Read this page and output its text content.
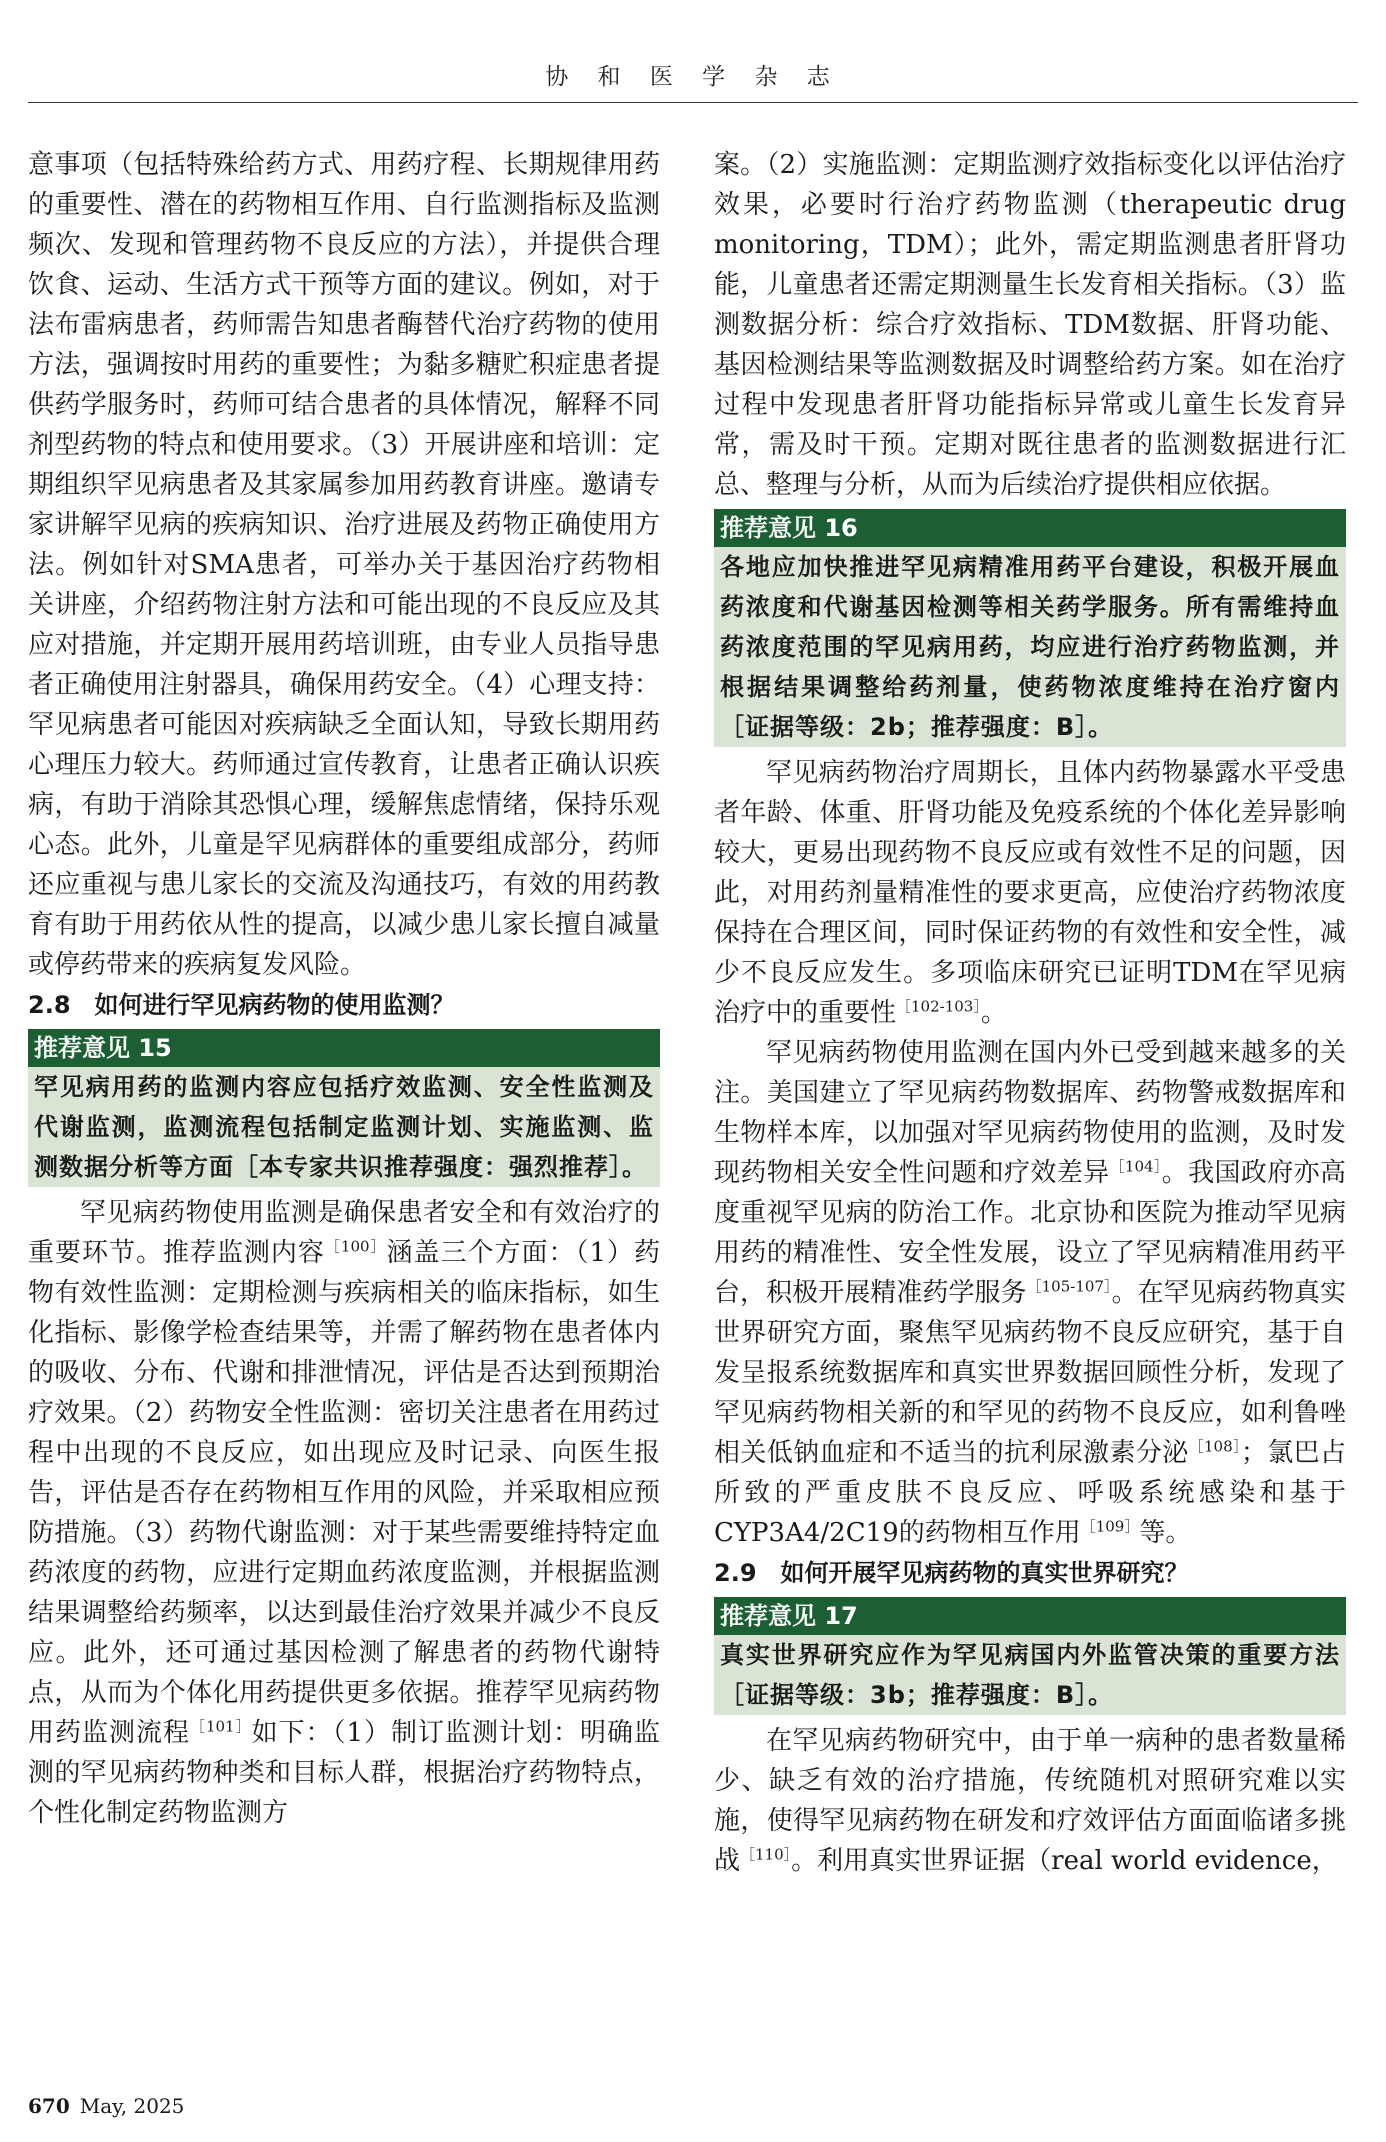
协 和 医 学 杂 志

意事项（包括特殊给药方式、用药疗程、长期规律用药的重要性、潜在的药物相互作用、自行监测指标及监测频次、发现和管理药物不良反应的方法），并提供合理饮食、运动、生活方式干预等方面的建议。例如，对于法布雷病患者，药师需告知患者酶替代治疗药物的使用方法，强调按时用药的重要性；为黏多糖贮积症患者提供药学服务时，药师可结合患者的具体情况，解释不同剂型药物的特点和使用要求。（3）开展讲座和培训：定期组织罕见病患者及其家属参加用药教育讲座。邀请专家讲解罕见病的疾病知识、治疗进展及药物正确使用方法。例如针对SMA患者，可举办关于基因治疗药物相关讲座，介绍药物注射方法和可能出现的不良反应及其应对措施，并定期开展用药培训班，由专业人员指导患者正确使用注射器具，确保用药安全。（4）心理支持：罕见病患者可能因对疾病缺乏全面认知，导致长期用药心理压力较大。药师通过宣传教育，让患者正确认识疾病，有助于消除其恐惧心理，缓解焦虑情绪，保持乐观心态。此外，儿童是罕见病群体的重要组成部分，药师还应重视与患儿家长的交流及沟通技巧，有效的用药教育有助于用药依从性的提高，以减少患儿家长擅自减量或停药带来的疾病复发风险。

2.8　如何进行罕见病药物的使用监测？

推荐意见 15
罕见病用药的监测内容应包括疗效监测、安全性监测及代谢监测，监测流程包括制定监测计划、实施监测、监测数据分析等方面［本专家共识推荐强度：强烈推荐］。

罕见病药物使用监测是确保患者安全和有效治疗的重要环节。推荐监测内容$^{[100]}$涵盖三个方面：（1）药物有效性监测：定期检测与疾病相关的临床指标，如生化指标、影像学检查结果等，并需了解药物在患者体内的吸收、分布、代谢和排泄情况，评估是否达到预期治疗效果。（2）药物安全性监测：密切关注患者在用药过程中出现的不良反应，如出现应及时记录、向医生报告，评估是否存在药物相互作用的风险，并采取相应预防措施。（3）药物代谢监测：对于某些需要维持特定血药浓度的药物，应进行定期血药浓度监测，并根据监测结果调整给药频率，以达到最佳治疗效果并减少不良反应。此外，还可通过基因检测了解患者的药物代谢特点，从而为个体化用药提供更多依据。推荐罕见病药物用药监测流程$^{[101]}$如下：（1）制订监测计划：明确监测的罕见病药物种类和目标人群，根据治疗药物特点，个性化制定药物监测方

案。（2）实施监测：定期监测疗效指标变化以评估治疗效果，必要时行治疗药物监测（therapeutic drug monitoring，TDM）；此外，需定期监测患者肝肾功能，儿童患者还需定期测量生长发育相关指标。（3）监测数据分析：综合疗效指标、TDM数据、肝肾功能、基因检测结果等监测数据及时调整给药方案。如在治疗过程中发现患者肝肾功能指标异常或儿童生长发育异常，需及时干预。定期对既往患者的监测数据进行汇总、整理与分析，从而为后续治疗提供相应依据。

推荐意见 16
各地应加快推进罕见病精准用药平台建设，积极开展血药浓度和代谢基因检测等相关药学服务。所有需维持血药浓度范围的罕见病用药，均应进行治疗药物监测，并根据结果调整给药剂量，使药物浓度维持在治疗窗内［证据等级：2b；推荐强度：B］。

罕见病药物治疗周期长，且体内药物暴露水平受患者年龄、体重、肝肾功能及免疫系统的个体化差异影响较大，更易出现药物不良反应或有效性不足的问题，因此，对用药剂量精准性的要求更高，应使治疗药物浓度保持在合理区间，同时保证药物的有效性和安全性，减少不良反应发生。多项临床研究已证明TDM在罕见病治疗中的重要性$^{[102-103]}$。

罕见病药物使用监测在国内外已受到越来越多的关注。美国建立了罕见病药物数据库、药物警戒数据库和生物样本库，以加强对罕见病药物使用的监测，及时发现药物相关安全性问题和疗效差异$^{[104]}$。我国政府亦高度重视罕见病的防治工作。北京协和医院为推动罕见病用药的精准性、安全性发展，设立了罕见病精准用药平台，积极开展精准药学服务$^{[105-107]}$。在罕见病药物真实世界研究方面，聚焦罕见病药物不良反应研究，基于自发呈报系统数据库和真实世界数据回顾性分析，发现了罕见病药物相关新的和罕见的药物不良反应，如利鲁唑相关低钠血症和不适当的抗利尿激素分泌$^{[108]}$；氯巴占所致的严重皮肤不良反应、呼吸系统感染和基于CYP3A4/2C19的药物相互作用$^{[109]}$等。

2.9　如何开展罕见病药物的真实世界研究？

推荐意见 17
真实世界研究应作为罕见病国内外监管决策的重要方法［证据等级：3b；推荐强度：B］。

在罕见病药物研究中，由于单一病种的患者数量稀少、缺乏有效的治疗措施，传统随机对照研究难以实施，使得罕见病药物在研发和疗效评估方面面临诸多挑战$^{[110]}$。利用真实世界证据（real world evidence，

670 May, 2025
